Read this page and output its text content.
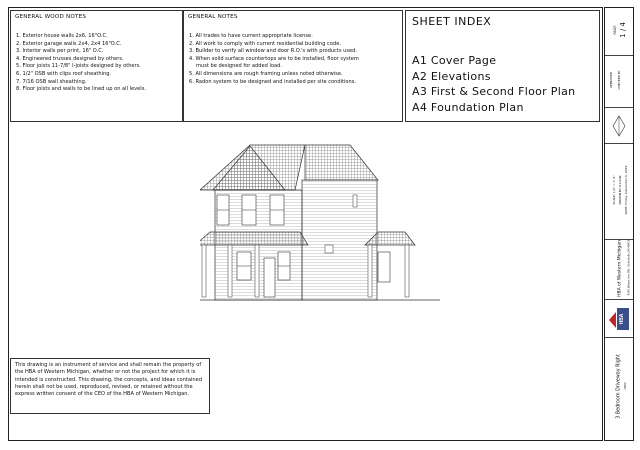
GENERAL WOOD NOTES
1. Exterior house walls 2x6, 16"O.C.
2. Exterior garage walls 2x4, 2x4 16"O.C.
3. Interior walls per print, 16" O.C.
4. Engineered trusses designed by others.
5. Floor joists 11-7/8" I-joists designed by others.
6. 1/2" OSB with clips roof sheathing.
7. 7/16 OSB wall sheathing.
8. Floor joists and walls to be lined up on all levels.
GENERAL NOTES
1. All trades to have current appropriate license.
2. All work to comply with current residential building code.
3. Builder to verify all window and door R.O.'s with products used.
4. When solid surface countertops are to be installed, floor system
must be designed for added load.
5. All dimensions are rough framing unless noted otherwise.
6. Radon system to be designed and installed per site conditions.
SHEET INDEX
A1 Cover Page
A2 Elevations
A3 First & Second Floor Plan
A4 Foundation Plan

This drawing is an instrument of service and shall remain the property of the HBA of Western Michigan, whether or not the project for which it is intended is constructed. This drawing, the concepts, and ideas contained herein shall not be used, reproduced, revised, or retained without the express written consent of the CEO of the HBA of Western Michigan.

PAGE 1 / 4
APPROVED CHECKED BY
SCALE: 1/4" = 1'-0" DRAWN BY: K.LAUN DATE: Friday, December 6, 2019
HBA of Western Michigan 4145 Wilson Ave SW · Grandville, MI 49418
HBA
3 Bedroom Driveway Right 1862
